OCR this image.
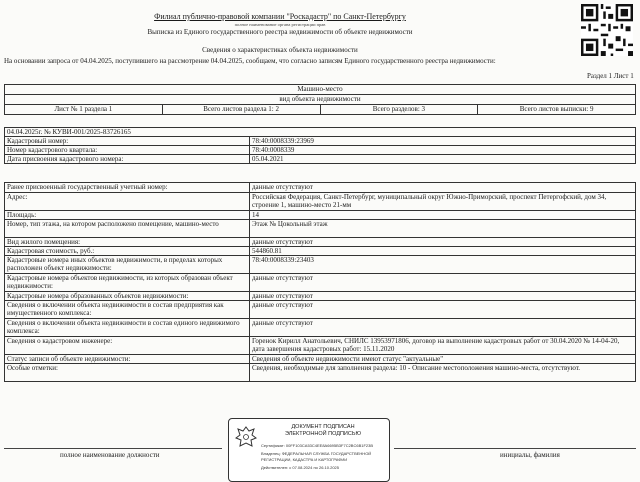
Филиал публично-правовой компании "Роскадастр" по Санкт-Петербургу
полное наименование органа регистрации прав
Выписка из Единого государственного реестра недвижимости об объекте недвижимости
Сведения о характеристиках объекта недвижимости
На основании запроса от 04.04.2025, поступившего на рассмотрение 04.04.2025, сообщаем, что согласно записям Единого государственного реестра недвижимости:
Раздел 1 Лист 1
Машино-место
вид объекта недвижимости
Лист № 1 раздела 1	Всего листов раздела 1: 2	Всего разделов: 3	Всего листов выписки: 9
04.04.2025г. № КУВИ-001/2025-83726165	
Кадастровый номер:	78:40:0008339:23969
Номер кадастрового квартала:	78:40:0008339
Дата присвоения кадастрового номера:	05.04.2021
Ранее присвоенный государственный учетный номер:	данные отсутствуют
Адрес:	Российская Федерация, Санкт-Петербург, муниципальный округ Южно-Приморский, проспект Петергофский, дом 34, строение 1, машино-место 21-мм
Площадь:	14
Номер, тип этажа, на котором расположено помещение, машино-место	Этаж № Цокольный этаж
Вид жилого помещения:	данные отсутствуют
Кадастровая стоимость, руб.:	544860.81
Кадастровые номера иных объектов недвижимости, в пределах которых расположен объект недвижимости:	78:40:0008339:23403
Кадастровые номера объектов недвижимости, из которых образован объект недвижимости:	данные отсутствуют
Кадастровые номера образованных объектов недвижимости:	данные отсутствуют
Сведения о включении объекта недвижимости в состав предприятия как имущественного комплекса:	данные отсутствуют
Сведения о включении объекта недвижимости в состав единого недвижимого комплекса:	данные отсутствуют
Сведения о кадастровом инженере:	Горенок Кирилл Анатольевич, СНИЛС 13953971806, договор на выполнение кадастровых работ от 30.04.2020 № 14-04-20, дата завершения кадастровых работ: 15.11.2020
Статус записи об объекте недвижимости:	Сведения об объекте недвижимости имеют статус "актуальные"
Особые отметки:	Сведения, необходимые для заполнения раздела: 10 - Описание местоположения машино-места, отсутствуют.
полное наименование должности	инициалы, фамилия
ДОКУМЕНТ ПОДПИСАН
ЭЛЕКТРОННОЙ ПОДПИСЬЮ
Сертификат: 00FF103CA53C4EE8A6695B3F7C2BC6B1F23B
Владелец: ФЕДЕРАЛЬНАЯ СЛУЖБА ГОСУДАРСТВЕННОЙ
РЕГИСТРАЦИИ, КАДАСТРА И КАРТОГРАФИИ
Действителен: с 07.08.2024 по 26.10.2025
